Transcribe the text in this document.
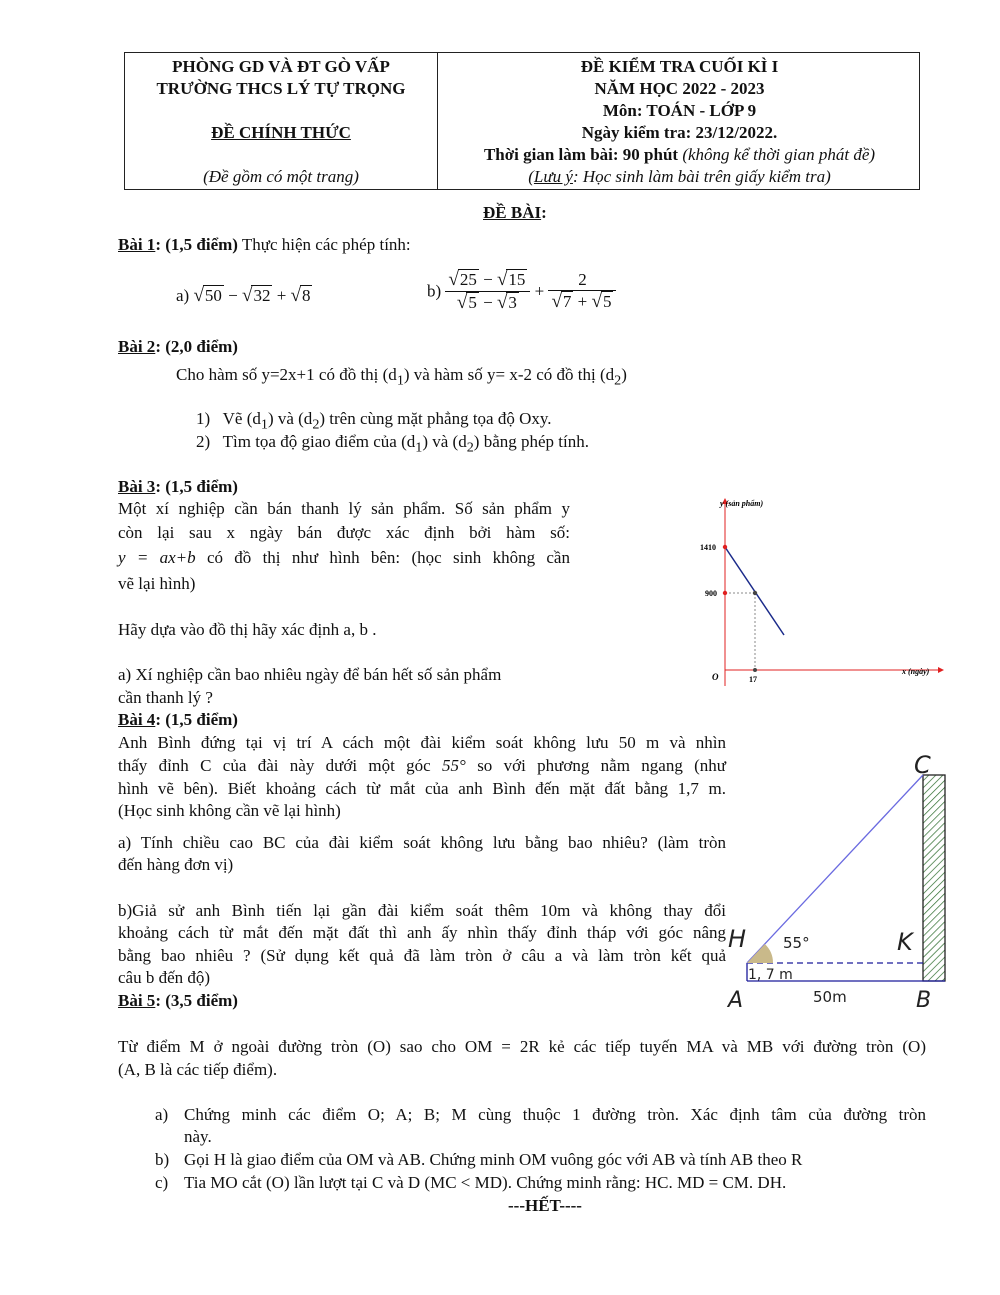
PHÒNG GD VÀ ĐT GÒ VẤP
TRƯỜNG THCS LÝ TỰ TRỌNG
ĐỀ CHÍNH THỨC
(Đề gồm có một trang)
ĐỀ KIỂM TRA CUỐI KÌ I
NĂM HỌC 2022 - 2023
Môn: TOÁN - LỚP 9
Ngày kiểm tra: 23/12/2022.
Thời gian làm bài: 90 phút (không kể thời gian phát đề)
(Lưu ý: Học sinh làm bài trên giấy kiểm tra)
ĐỀ BÀI:
Bài 1: (1,5 điểm) Thực hiện các phép tính:
a) √50 − √32 + √8	$b) \frac{√25 - √15}{√5 - √3} + \frac{2}{√7 + √5}$
Bài 2: (2,0 điểm)
Cho hàm số y=2x+1 có đồ thị $(d_1)$ và hàm số y= x-2 có đồ thị $(d_2)$
1) Vẽ $(d_1)$ và $(d_2)$ trên cùng mặt phẳng tọa độ Oxy.
2) Tìm tọa độ giao điểm của $(d_1)$ và $(d_2)$ bằng phép tính.
Bài 3: (1,5 điểm)
Một xí nghiệp cần bán thanh lý sản phẩm. Số sản phẩm y
còn lại sau x ngày bán được xác định bởi hàm số:
y = ax+b có đồ thị như hình bên: (học sinh không cần
vẽ lại hình)
Hãy dựa vào đồ thị hãy xác định a, b .
a) Xí nghiệp cần bao nhiêu ngày để bán hết số sản phẩm
cần thanh lý ?
y (sản phẩm)
x (ngày)
1410
900
O	17
Bài 4: (1,5 điểm)
Anh Bình đứng tại vị trí A cách một đài kiểm soát không lưu 50 m và nhìn
thấy đỉnh C của đài này dưới một góc 55° so với phương nằm ngang (như
hình vẽ bên). Biết khoảng cách từ mắt của anh Bình đến mặt đất bằng 1,7 m.
(Học sinh không cần vẽ lại hình)
a) Tính chiều cao BC của đài kiểm soát không lưu bằng bao nhiêu? (làm tròn
đến hàng đơn vị)
b)Giả sử anh Bình tiến lại gần đài kiểm soát thêm 10m và không thay đổi
khoảng cách từ mắt đến mặt đất thì anh ấy nhìn thấy đỉnh tháp với góc nâng
bằng bao nhiêu ? (Sử dụng kết quả đã làm tròn ở câu a và làm tròn kết quả
câu b đến độ)
C
H	K
A	B
55°
1, 7 m
50m
Bài 5: (3,5 điểm)
Từ điểm M ở ngoài đường tròn (O) sao cho OM = 2R kẻ các tiếp tuyến MA và MB với đường tròn (O)
(A, B là các tiếp điểm).
a) Chứng minh các điểm O; A; B; M cùng thuộc 1 đường tròn. Xác định tâm của đường tròn
này.
b) Gọi H là giao điểm của OM và AB. Chứng minh OM vuông góc với AB và tính AB theo R
c) Tia MO cắt (O) lần lượt tại C và D (MC < MD). Chứng minh rằng: HC. MD = CM. DH.
---HẾT----
